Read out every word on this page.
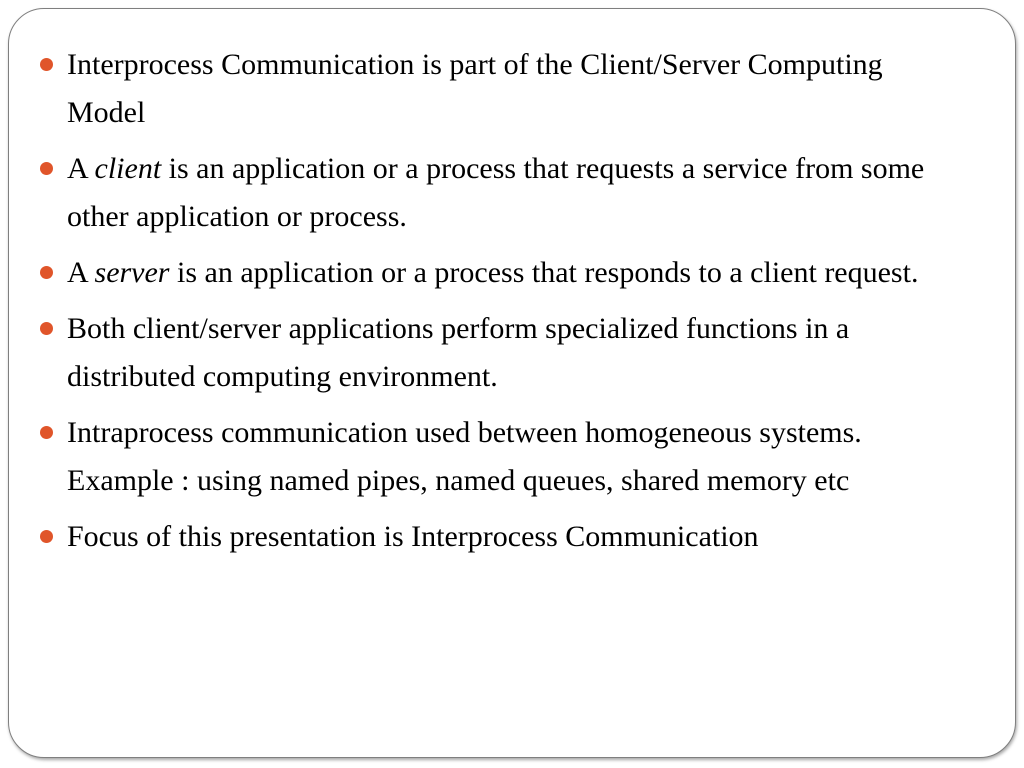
Interprocess Communication is part of the Client/Server Computing Model
A client is an application or a process that requests a service from some other application or process.
A server is an application or a process that responds to a client request.
Both client/server applications perform specialized functions in a distributed computing environment.
Intraprocess communication used between homogeneous systems. Example : using named pipes, named queues, shared memory etc
Focus of this presentation is Interprocess Communication
